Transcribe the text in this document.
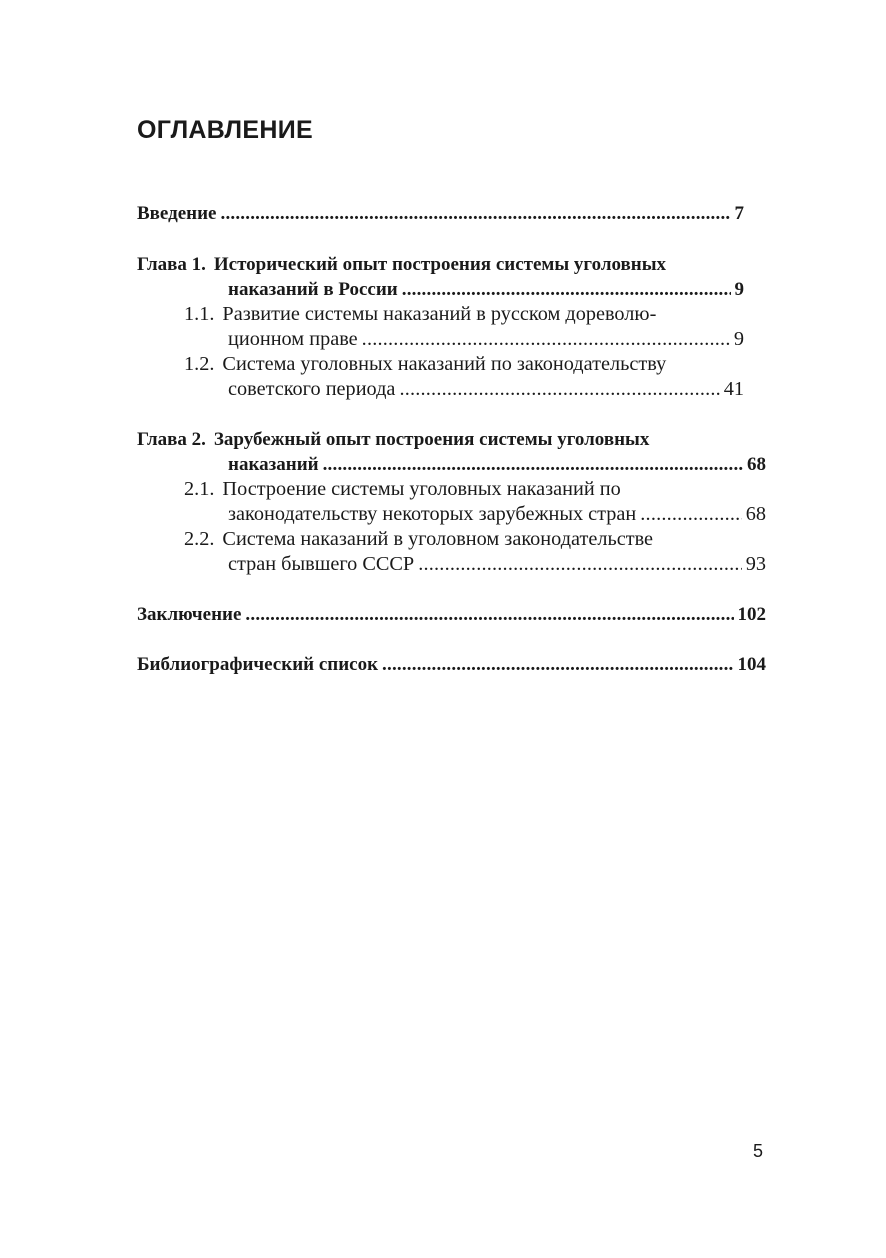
ОГЛАВЛЕНИЕ
Введение .....	7
Глава 1. Исторический опыт построения системы уголовных
наказаний в России .....	9
1.1. Развитие системы наказаний в русском дореволю-
ционном праве .....	9
1.2. Система уголовных наказаний по законодательству
советского периода .....	41
Глава 2. Зарубежный опыт построения системы уголовных
наказаний .....	68
2.1. Построение системы уголовных наказаний по
законодательству некоторых зарубежных стран .....	68
2.2. Система наказаний в уголовном законодательстве
стран бывшего СССР .....	93
Заключение .....	102
Библиографический список .....	104
5
